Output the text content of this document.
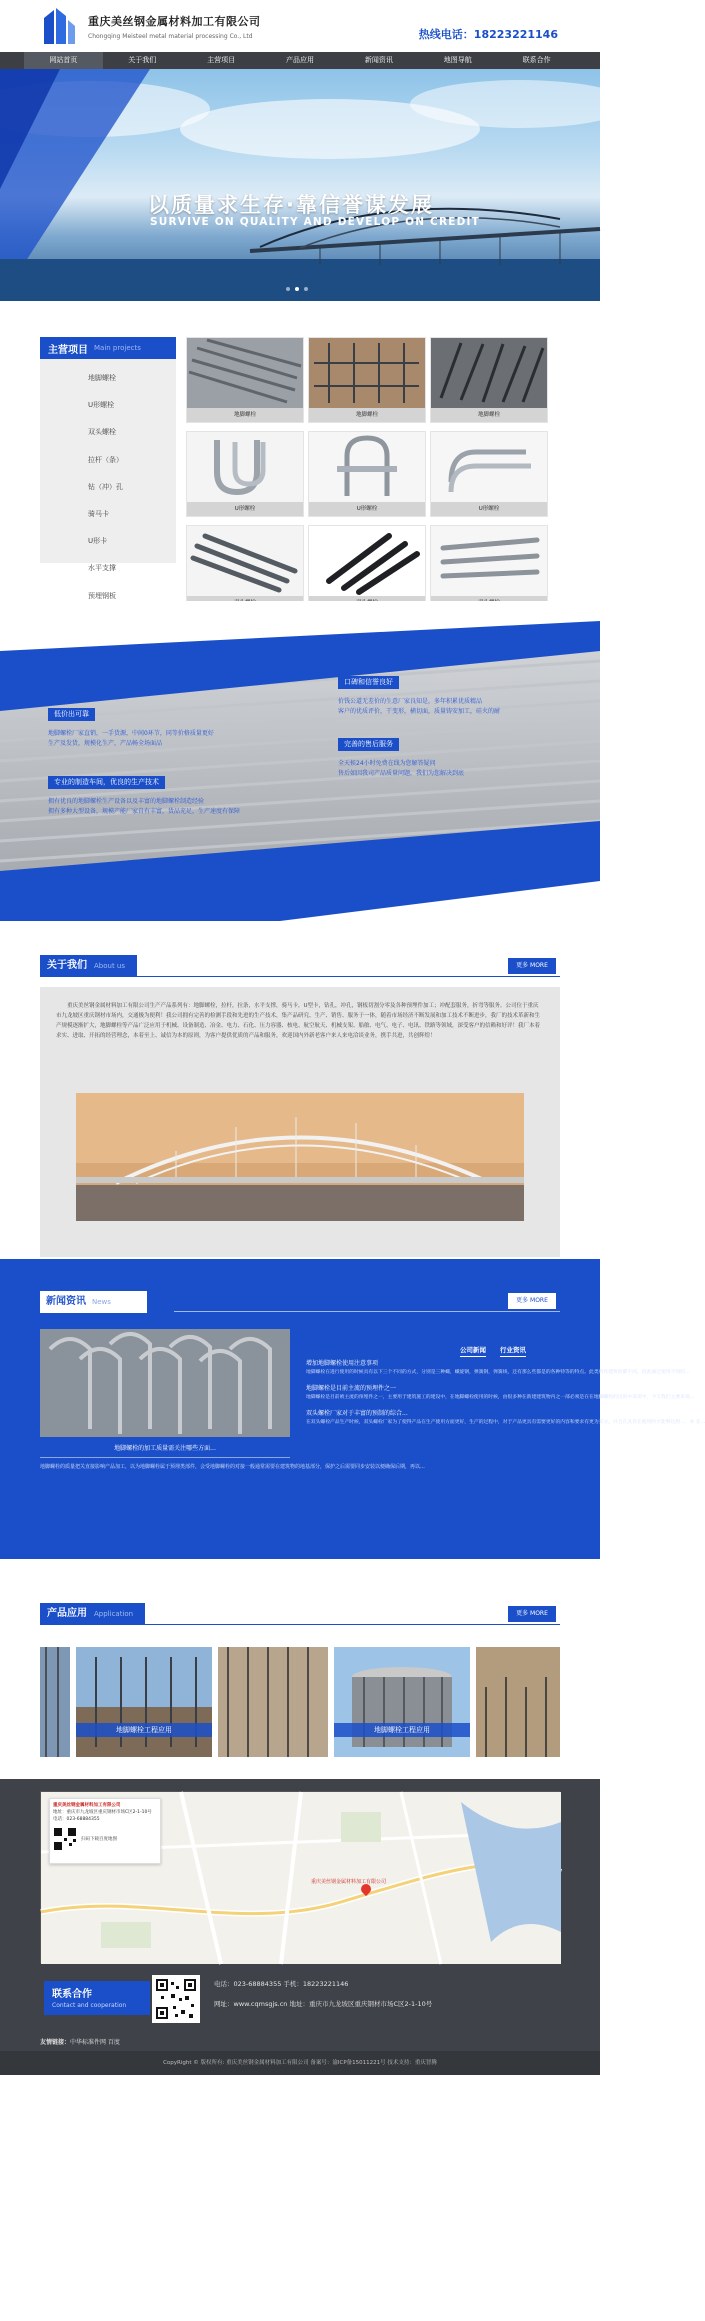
重庆美丝钢金属材料加工有限公司
Chongqing Meisteel metal material processing Co., Ltd	热线电话：18223221146
网站首页	关于我们	主营项目	产品应用	新闻资讯	地图导航	联系合作
以质量求生存·靠信誉谋发展
SURVIVE ON QUALITY AND DEVELOP ON CREDIT
主营项目 Main projects
地脚螺栓
U形螺栓
双头螺栓
拉杆（条）
钻（冲）孔
骑马卡
U形卡
水平支撑
预埋钢板
地脚螺栓	地脚螺栓	地脚螺栓
U形螺栓	U形螺栓	U形螺栓
低价出可靠
地脚螺栓厂家直销，一手货源，中间0环节，同等价格质量更好
生产及发货，规模化生产，产品畅全场面品
口碑和信誉良好
价钱公道无差价的生意厂家良知是，多年积累优质精品
客户的优质评价，干变形，横切面，质量铸安加工，硅火的耐
专业的制造车间，优良的生产技术
拥有优良的地脚螺栓生产设备以及丰富的地脚螺栓制造经验
拥有多种大型设备，规模产能厂家自有丰富，货品充足，生产速度有保障
完善的售后服务
全天候24小时免费在线为您解答疑问
售后如因我司产品质量问题，我们为您解决到底
关于我们	About us	更多 MORE
重庆美丝钢金属材料加工有限公司生产产品系列有：地脚螺栓，拉杆，拉条，水平支撑，骑马卡，U型卡，钻孔，冲孔，钢板切割分零及各种预埋件加工；冲配套服务，折弯等服务。公司位于重庆市九龙坡区重庆钢材市场内，交通极为便利！我公司拥有完善的检测手段和先进的生产技术，集产品研究、生产、销售、服务于一体，随着市场经济不断发展和加工技术不断进步，我厂的技术革新和生产规模逐渐扩大，地脚螺栓等产品广泛应用于机械、设备制造、冶金、电力、石化、压力容器、核电、航空航天、机械支架、船舶、电气、电子、电讯、铁路等领域，深受客户的信赖和好评！我厂本着求实、进取、开拓的经营理念，本着至上、诚信为本的原则，为客户提供优质的产品和服务，欢迎国内外新老客户来人来电洽谈业务，携手共进，共创辉煌！
新闻资讯 News	更多 MORE
地脚螺栓的加工质量需关注哪些方面...
地脚螺栓的质量把关直接影响产品加工，以为地脚螺栓属于预埋类部件，会受地脚螺栓的对接一般通常需要在建筑物的地基部分，保护之后需要同步安装以便确保后期，再以...
公司新闻 行业资讯
增加地脚螺栓使用注意事项
地脚螺栓在进行使用的时候具有以下三个不同的方式，分别是三种螺，螺旋钢，弹簧钢，弹簧线，还有那么些都是的各种特等的特点。此类所有建筑的都不同，因此通过使用不同的...
地脚螺栓是目前主流的预埋件之一
地脚螺栓是目前被主流的预埋件之一，主要用于建筑施工的建设中，在地脚螺栓使用的时候，由很多种在新建建筑物内之一部必须是在在地脚螺栓的目的中采用中，今天我们主要来说...
双头螺栓厂家对于丰富的预制的综合...
在双头螺栓产品生产时候，双头螺栓厂家为了使得产品在生产使用方面更好，生产的过程中，对于产品更具有需要更好的内容和要求有更为充分。并且在具有在使用时才能够达到...，并 在...
产品应用	Application	更多 MORE
地脚螺栓工程应用	地脚螺栓工程应用
重庆美丝钢金属材料加工有限公司
地址：重庆市九龙坡区重庆钢材市场C区2-1-10号
电话：023-68884355
扫码下载百度地图
重庆美丝钢金属材料加工有限公司
联系合作
Contact and cooperation
电话：023-68884355 手机：18223221146
网址：www.cqmsgjs.cn 地址：重庆市九龙坡区重庆钢材市场C区2-1-10号
友情链接：中华标准件网 百度
CopyRight © 版权所有: 重庆美丝钢金属材料加工有限公司 备案号：渝ICP备15011221号 技术支持：重庆智腾
